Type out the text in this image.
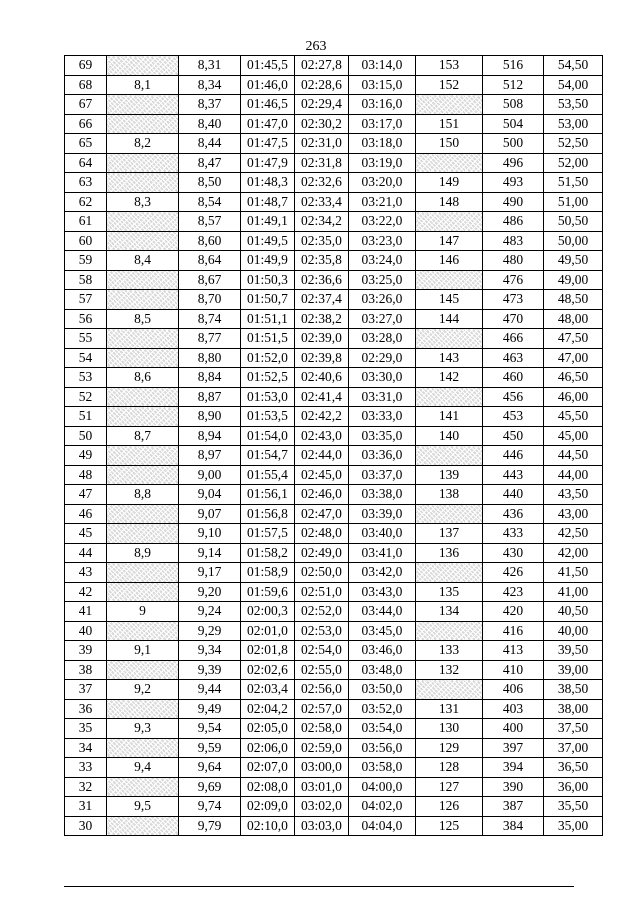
263
69		8,31	01:45,5	02:27,8	03:14,0	153	516	54,50
68	8,1	8,34	01:46,0	02:28,6	03:15,0	152	512	54,00
67		8,37	01:46,5	02:29,4	03:16,0		508	53,50
66		8,40	01:47,0	02:30,2	03:17,0	151	504	53,00
65	8,2	8,44	01:47,5	02:31,0	03:18,0	150	500	52,50
64		8,47	01:47,9	02:31,8	03:19,0		496	52,00
63		8,50	01:48,3	02:32,6	03:20,0	149	493	51,50
62	8,3	8,54	01:48,7	02:33,4	03:21,0	148	490	51,00
61		8,57	01:49,1	02:34,2	03:22,0		486	50,50
60		8,60	01:49,5	02:35,0	03:23,0	147	483	50,00
59	8,4	8,64	01:49,9	02:35,8	03:24,0	146	480	49,50
58		8,67	01:50,3	02:36,6	03:25,0		476	49,00
57		8,70	01:50,7	02:37,4	03:26,0	145	473	48,50
56	8,5	8,74	01:51,1	02:38,2	03:27,0	144	470	48,00
55		8,77	01:51,5	02:39,0	03:28,0		466	47,50
54		8,80	01:52,0	02:39,8	02:29,0	143	463	47,00
53	8,6	8,84	01:52,5	02:40,6	03:30,0	142	460	46,50
52		8,87	01:53,0	02:41,4	03:31,0		456	46,00
51		8,90	01:53,5	02:42,2	03:33,0	141	453	45,50
50	8,7	8,94	01:54,0	02:43,0	03:35,0	140	450	45,00
49		8,97	01:54,7	02:44,0	03:36,0		446	44,50
48		9,00	01:55,4	02:45,0	03:37,0	139	443	44,00
47	8,8	9,04	01:56,1	02:46,0	03:38,0	138	440	43,50
46		9,07	01:56,8	02:47,0	03:39,0		436	43,00
45		9,10	01:57,5	02:48,0	03:40,0	137	433	42,50
44	8,9	9,14	01:58,2	02:49,0	03:41,0	136	430	42,00
43		9,17	01:58,9	02:50,0	03:42,0		426	41,50
42		9,20	01:59,6	02:51,0	03:43,0	135	423	41,00
41	9	9,24	02:00,3	02:52,0	03:44,0	134	420	40,50
40		9,29	02:01,0	02:53,0	03:45,0		416	40,00
39	9,1	9,34	02:01,8	02:54,0	03:46,0	133	413	39,50
38		9,39	02:02,6	02:55,0	03:48,0	132	410	39,00
37	9,2	9,44	02:03,4	02:56,0	03:50,0		406	38,50
36		9,49	02:04,2	02:57,0	03:52,0	131	403	38,00
35	9,3	9,54	02:05,0	02:58,0	03:54,0	130	400	37,50
34		9,59	02:06,0	02:59,0	03:56,0	129	397	37,00
33	9,4	9,64	02:07,0	03:00,0	03:58,0	128	394	36,50
32		9,69	02:08,0	03:01,0	04:00,0	127	390	36,00
31	9,5	9,74	02:09,0	03:02,0	04:02,0	126	387	35,50
30		9,79	02:10,0	03:03,0	04:04,0	125	384	35,00
